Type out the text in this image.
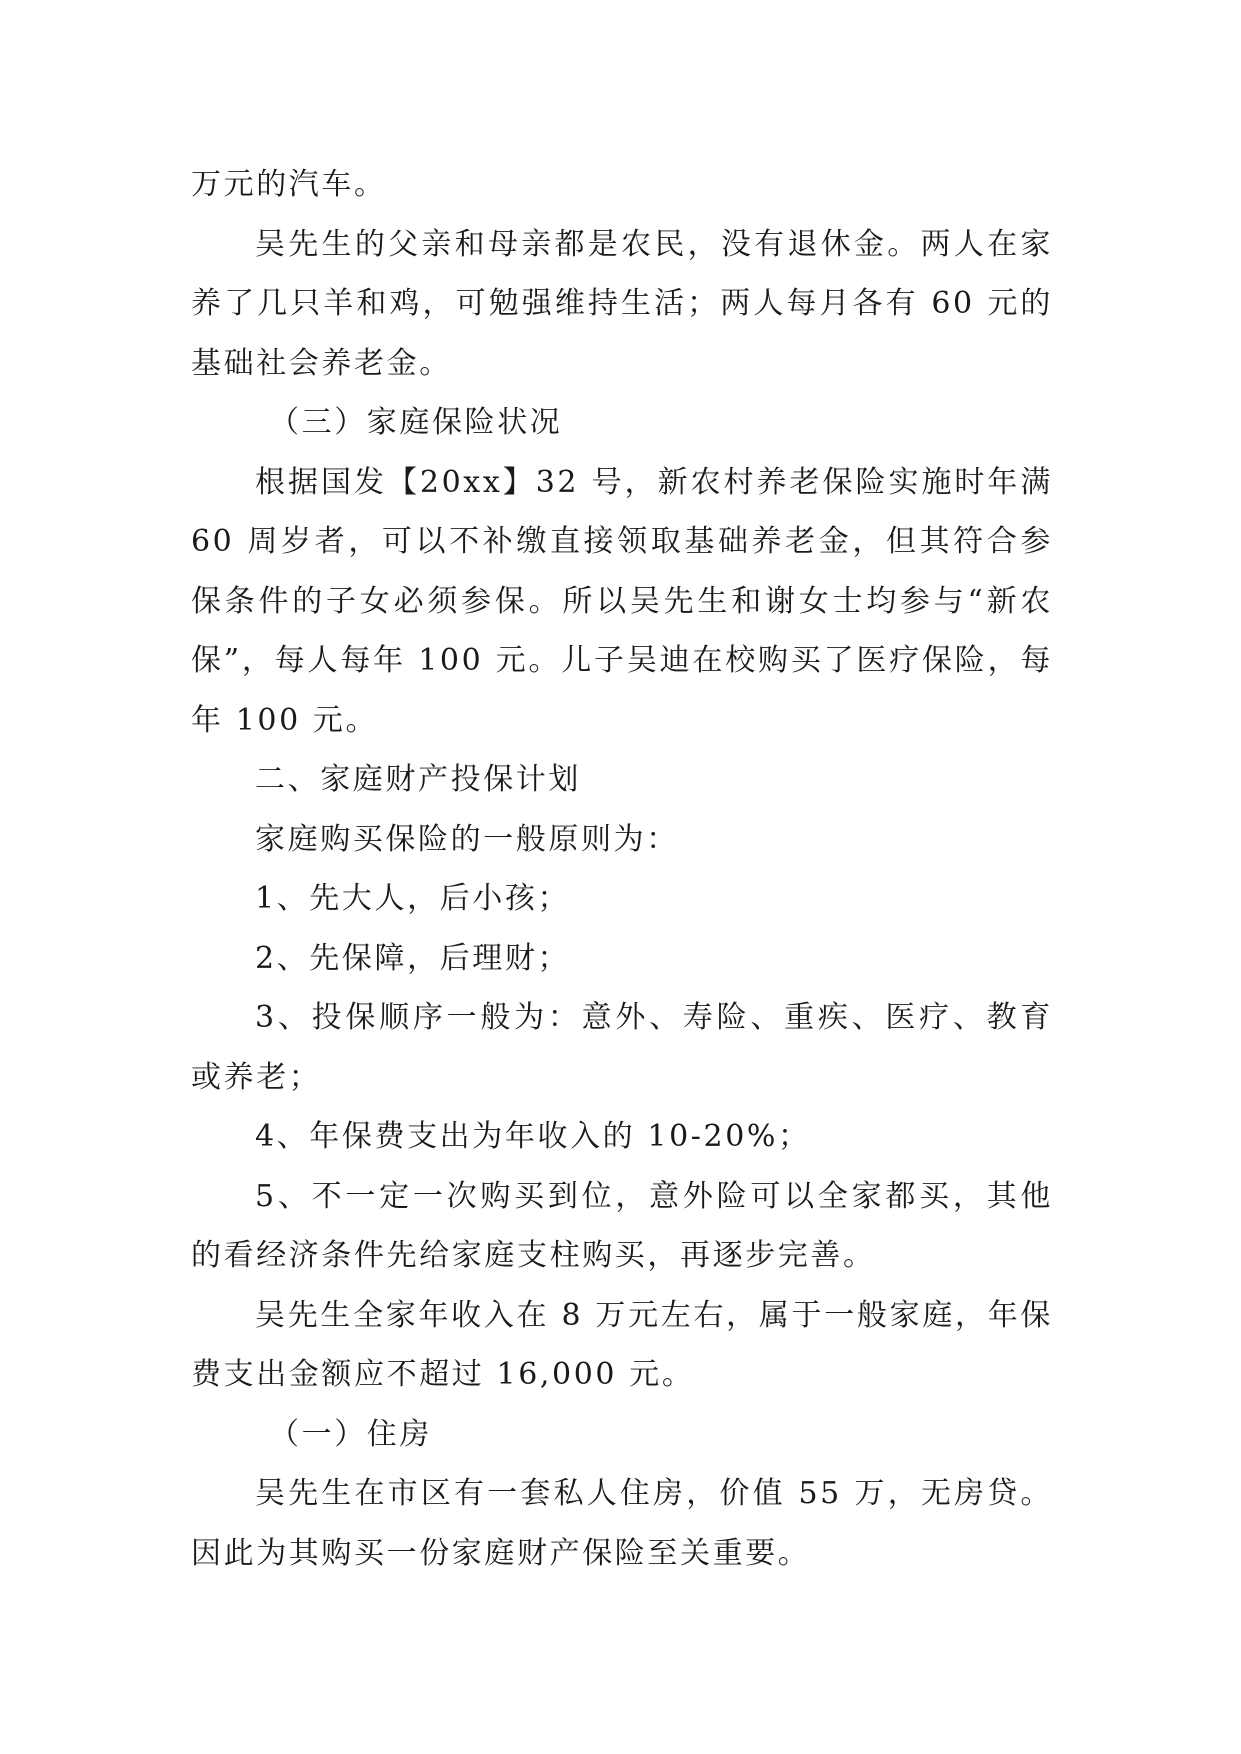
万元的汽车。

吴先生的父亲和母亲都是农民，没有退休金。两人在家养了几只羊和鸡，可勉强维持生活；两人每月各有 60 元的基础社会养老金。

（三）家庭保险状况

根据国发【20xx】32 号，新农村养老保险实施时年满 60 周岁者，可以不补缴直接领取基础养老金，但其符合参保条件的子女必须参保。所以吴先生和谢女士均参与“新农保”，每人每年 100 元。儿子吴迪在校购买了医疗保险，每年 100 元。

二、家庭财产投保计划

家庭购买保险的一般原则为：

1、先大人，后小孩；

2、先保障，后理财；

3、投保顺序一般为：意外、寿险、重疾、医疗、教育或养老；

4、年保费支出为年收入的 10-20%；

5、不一定一次购买到位，意外险可以全家都买，其他的看经济条件先给家庭支柱购买，再逐步完善。

吴先生全家年收入在 8 万元左右，属于一般家庭，年保费支出金额应不超过 16,000 元。

（一）住房

吴先生在市区有一套私人住房，价值 55 万，无房贷。因此为其购买一份家庭财产保险至关重要。
